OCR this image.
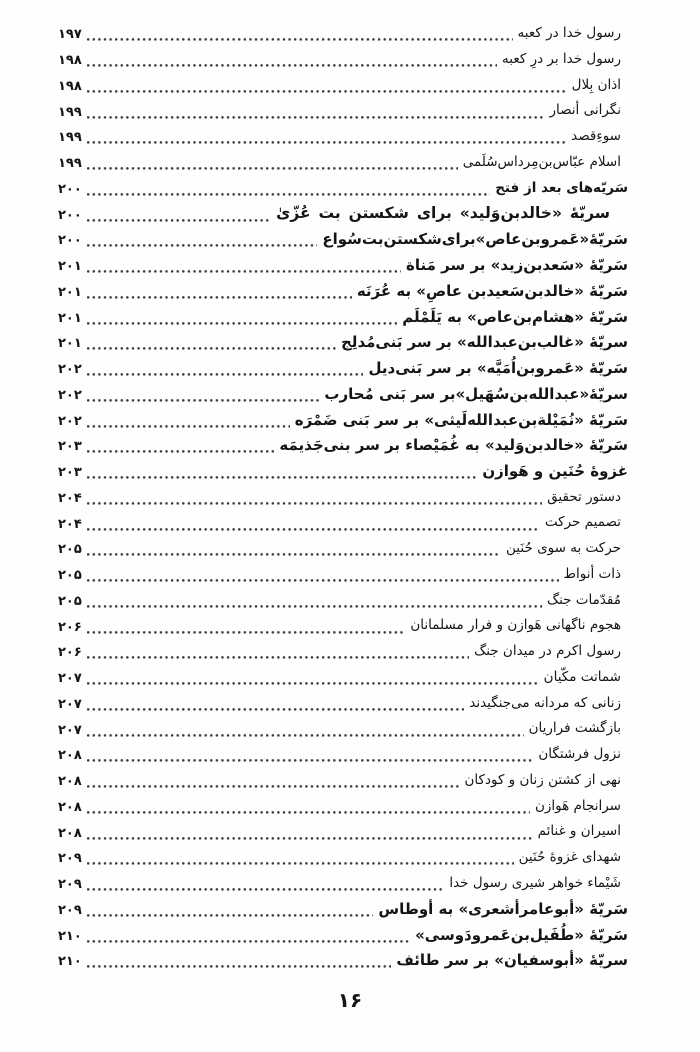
رسول خدا در کعبه
۱۹۷
رسول خدا بر درِ کعبه
۱۹۸
اذان بِلال
۱۹۸
نگرانی أنصار
۱۹۹
سوءِقصد
۱۹۹
اسلام عبّاس‌بن‌مِرداس‌سُلَمی
۱۹۹
سَریّه‌های بعد از فتح
۲۰۰
سریّهٔ «خالدبن‌وَلید» برای شکستن بت عُزّیٰ
۲۰۰
سَریّهٔ«عَمروبن‌عاص»برای‌شکستن‌بت‌سُواع
۲۰۰
سَریّهٔ «سَعدبن‌زید» بر سر مَناة
۲۰۱
سَریّهٔ «خالدبن‌سَعیدبن عاصِ» به عُرَنَه
۲۰۱
سَریّهٔ «هشام‌بن‌عاص» به یَلَمْلَم
۲۰۱
سریّهٔ «غالب‌بن‌عبدالله» بر سر بَنی‌مُدلِج
۲۰۱
سَریّهٔ «عَمروبن‌اُمَیَّه» بر سر بَنی‌دیل
۲۰۲
سریّهٔ«عبدالله‌بن‌سُهَیل»بر سر بَنی مُحارب
۲۰۲
سَریّهٔ «نُمَیْلةبن‌عبدالله‌لَیثی» بر سر بَنی ضَمْرَه
۲۰۲
سَریّهٔ «خالدبن‌وَلید» به غُمَیْصاء بر سر بنی‌جَذیمَه
۲۰۳
غزوهٔ حُنَین و هَوازن
۲۰۳
دستور تحقیق
۲۰۴
تصمیم حرکت
۲۰۴
حرکت به سوی حُنَین
۲۰۵
ذات أنواط
۲۰۵
مُقدّمات جنگ
۲۰۵
هجوم ناگهانی هَوازن و فرار مسلمانان
۲۰۶
رسول اکرم در میدان جنگ
۲۰۶
شماتت مکّیان
۲۰۷
زنانی که مردانه می‌جنگیدند
۲۰۷
بازگشت فراریان
۲۰۷
نزول فرشتگان
۲۰۸
نهی از کشتن زنان و کودکان
۲۰۸
سرانجام هَوازن
۲۰۸
اسیران و غنائم
۲۰۸
شهدای غزوهٔ حُنَین
۲۰۹
شَیْماء خواهر شیری رسول خدا
۲۰۹
سَریّهٔ «أبوعامرأشعری» به أوطاس
۲۰۹
سَریّهٔ «طُفَیل‌بن‌عَمرودَوسی»
۲۱۰
سریّهٔ «أبوسفیان» بر سر طائف
۲۱۰
۱۶
